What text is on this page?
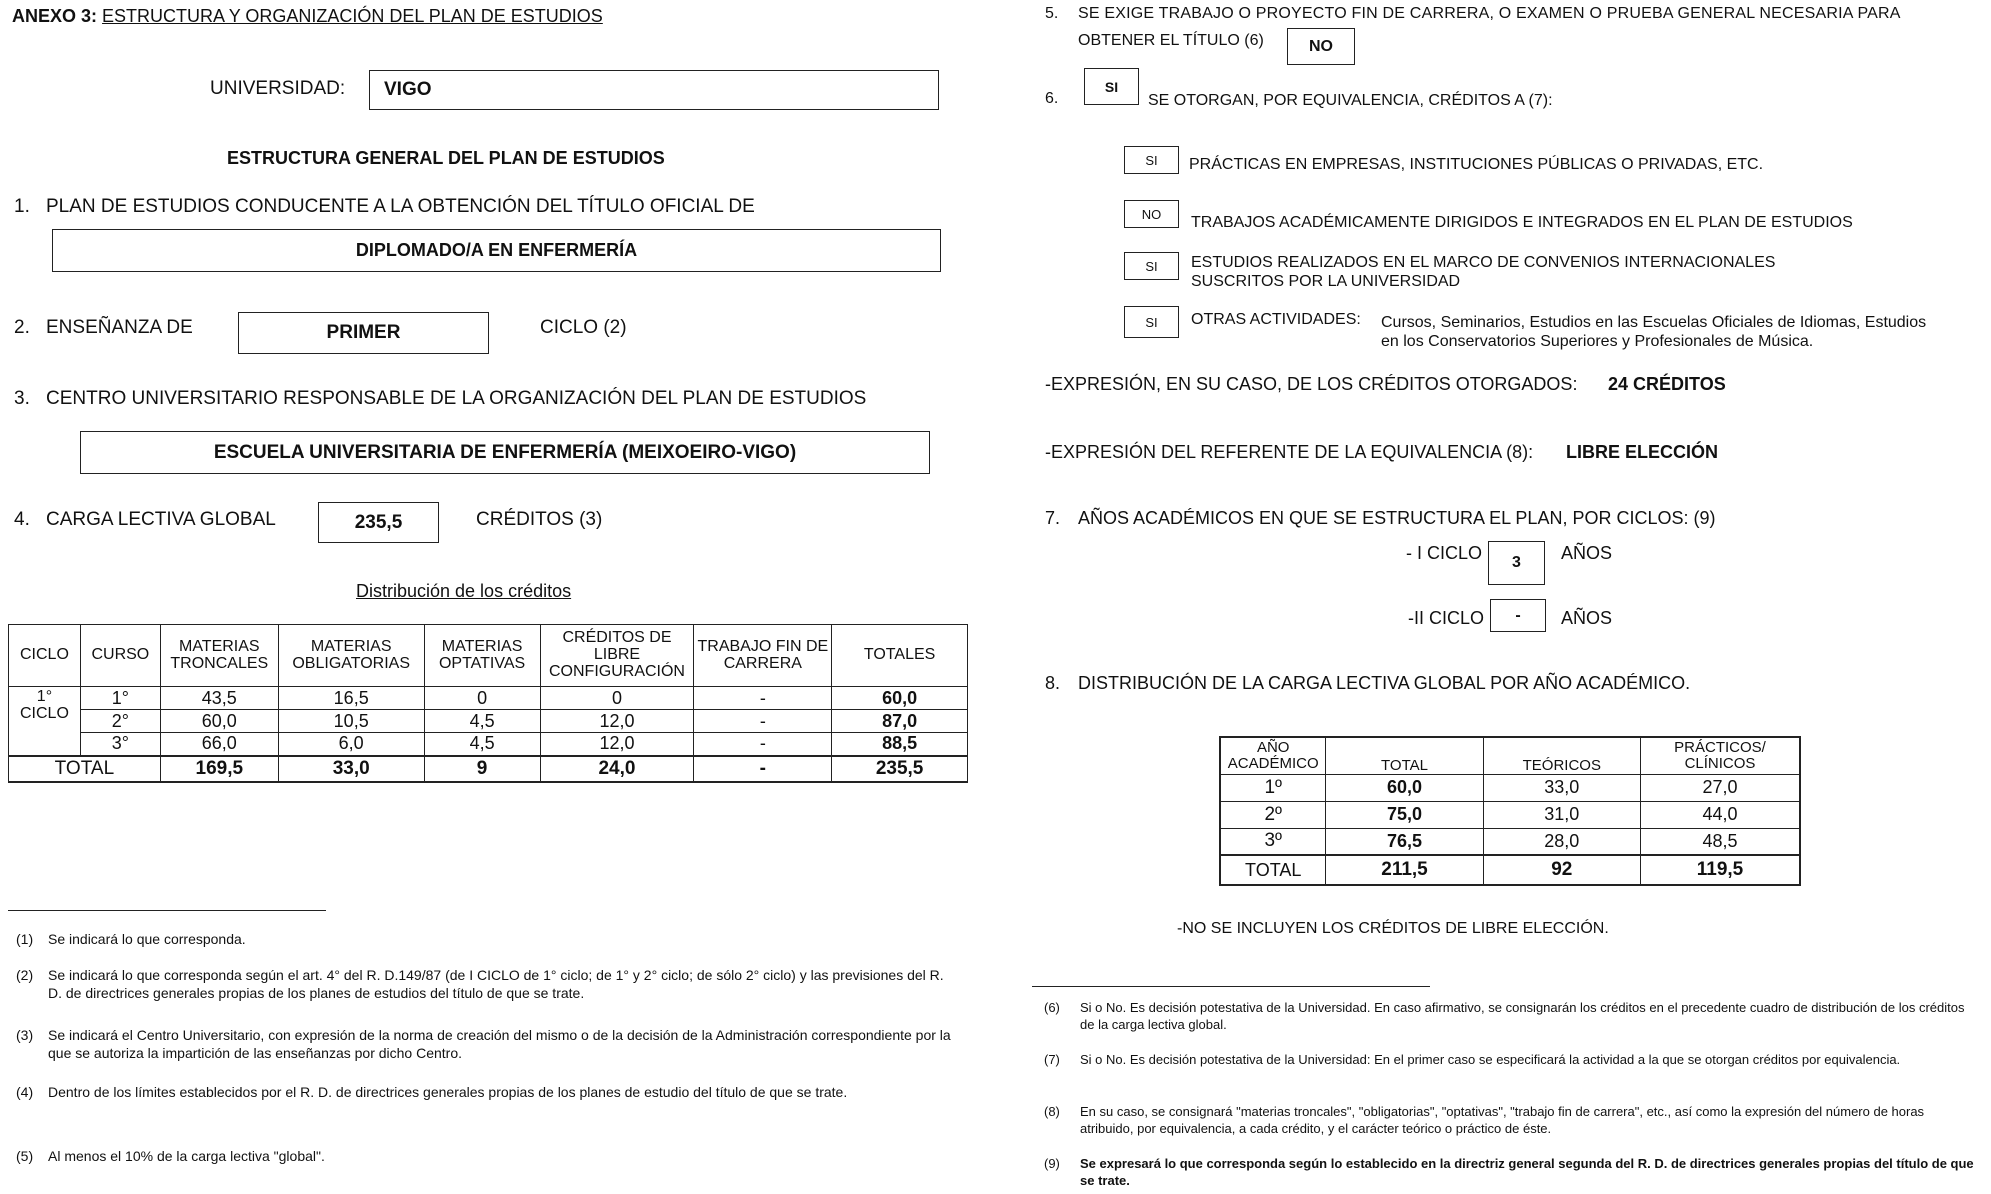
ANEXO 3: ESTRUCTURA Y ORGANIZACIÓN DEL PLAN DE ESTUDIOS
UNIVERSIDAD: VIGO
ESTRUCTURA GENERAL DEL PLAN DE ESTUDIOS
1. PLAN DE ESTUDIOS CONDUCENTE A LA OBTENCIÓN DEL TÍTULO OFICIAL DE
DIPLOMADO/A EN ENFERMERÍA
2. ENSEÑANZA DE	PRIMER	CICLO (2)
3. CENTRO UNIVERSITARIO RESPONSABLE DE LA ORGANIZACIÓN DEL PLAN DE ESTUDIOS
ESCUELA UNIVERSITARIA DE ENFERMERÍA (MEIXOEIRO-VIGO)
4. CARGA LECTIVA GLOBAL	235,5	CRÉDITOS (3)
Distribución de los créditos
CICLO	CURSO	MATERIAS TRONCALES	MATERIAS OBLIGATORIAS	MATERIAS OPTATIVAS	CRÉDITOS DE LIBRE CONFIGURACIÓN	TRABAJO FIN DE CARRERA	TOTALES
1° CICLO	1°	43,5	16,5	0	0	-	60,0
	2°	60,0	10,5	4,5	12,0	-	87,0
	3°	66,0	6,0	4,5	12,0	-	88,5
TOTAL		169,5	33,0	9	24,0	-	235,5
(1)	Se indicará lo que corresponda.
(2)	Se indicará lo que corresponda según el art. 4° del R. D.149/87 (de I CICLO de 1° ciclo; de 1° y 2° ciclo; de sólo 2° ciclo) y las previsiones del R. D. de directrices generales propias de los planes de estudios del título de que se trate.
(3)	Se indicará el Centro Universitario, con expresión de la norma de creación del mismo o de la decisión de la Administración correspondiente por la que se autoriza la impartición de las enseñanzas por dicho Centro.
(4)	Dentro de los límites establecidos por el R. D. de directrices generales propias de los planes de estudio del título de que se trate.
(5)	Al menos el 10% de la carga lectiva "global".
5. SE EXIGE TRABAJO O PROYECTO FIN DE CARRERA, O EXAMEN O PRUEBA GENERAL NECESARIA PARA
OBTENER EL TÍTULO (6)	NO
6.
SI
SE OTORGAN, POR EQUIVALENCIA, CRÉDITOS A (7):
SI PRÁCTICAS EN EMPRESAS, INSTITUCIONES PÚBLICAS O PRIVADAS, ETC.
NO TRABAJOS ACADÉMICAMENTE DIRIGIDOS E INTEGRADOS EN EL PLAN DE ESTUDIOS
SI ESTUDIOS REALIZADOS EN EL MARCO DE CONVENIOS INTERNACIONALES
SUSCRITOS POR LA UNIVERSIDAD
SI OTRAS ACTIVIDADES: Cursos, Seminarios, Estudios en las Escuelas Oficiales de Idiomas, Estudios
en los Conservatorios Superiores y Profesionales de Música.
-EXPRESIÓN, EN SU CASO, DE LOS CRÉDITOS OTORGADOS: 24 CRÉDITOS
-EXPRESIÓN DEL REFERENTE DE LA EQUIVALENCIA (8): LIBRE ELECCIÓN
7. AÑOS ACADÉMICOS EN QUE SE ESTRUCTURA EL PLAN, POR CICLOS: (9)
- I CICLO 3 AÑOS
-II CICLO - AÑOS
8. DISTRIBUCIÓN DE LA CARGA LECTIVA GLOBAL POR AÑO ACADÉMICO.
AÑO ACADÉMICO	TOTAL	TEÓRICOS	PRÁCTICOS/ CLÍNICOS
1º	60,0	33,0	27,0
2º	75,0	31,0	44,0
3º	76,5	28,0	48,5
TOTAL	211,5	92	119,5
-NO SE INCLUYEN LOS CRÉDITOS DE LIBRE ELECCIÓN.
(6)	Si o No. Es decisión potestativa de la Universidad. En caso afirmativo, se consignarán los créditos en el precedente cuadro de distribución de los créditos de la carga lectiva global.
(7)	Si o No. Es decisión potestativa de la Universidad: En el primer caso se especificará la actividad a la que se otorgan créditos por equivalencia.
(8)	En su caso, se consignará "materias troncales", "obligatorias", "optativas", "trabajo fin de carrera", etc., así como la expresión del número de horas atribuido, por equivalencia, a cada crédito, y el carácter teórico o práctico de éste.
(9)	Se expresará lo que corresponda según lo establecido en la directriz general segunda del R. D. de directrices generales propias del título de que se trate.
